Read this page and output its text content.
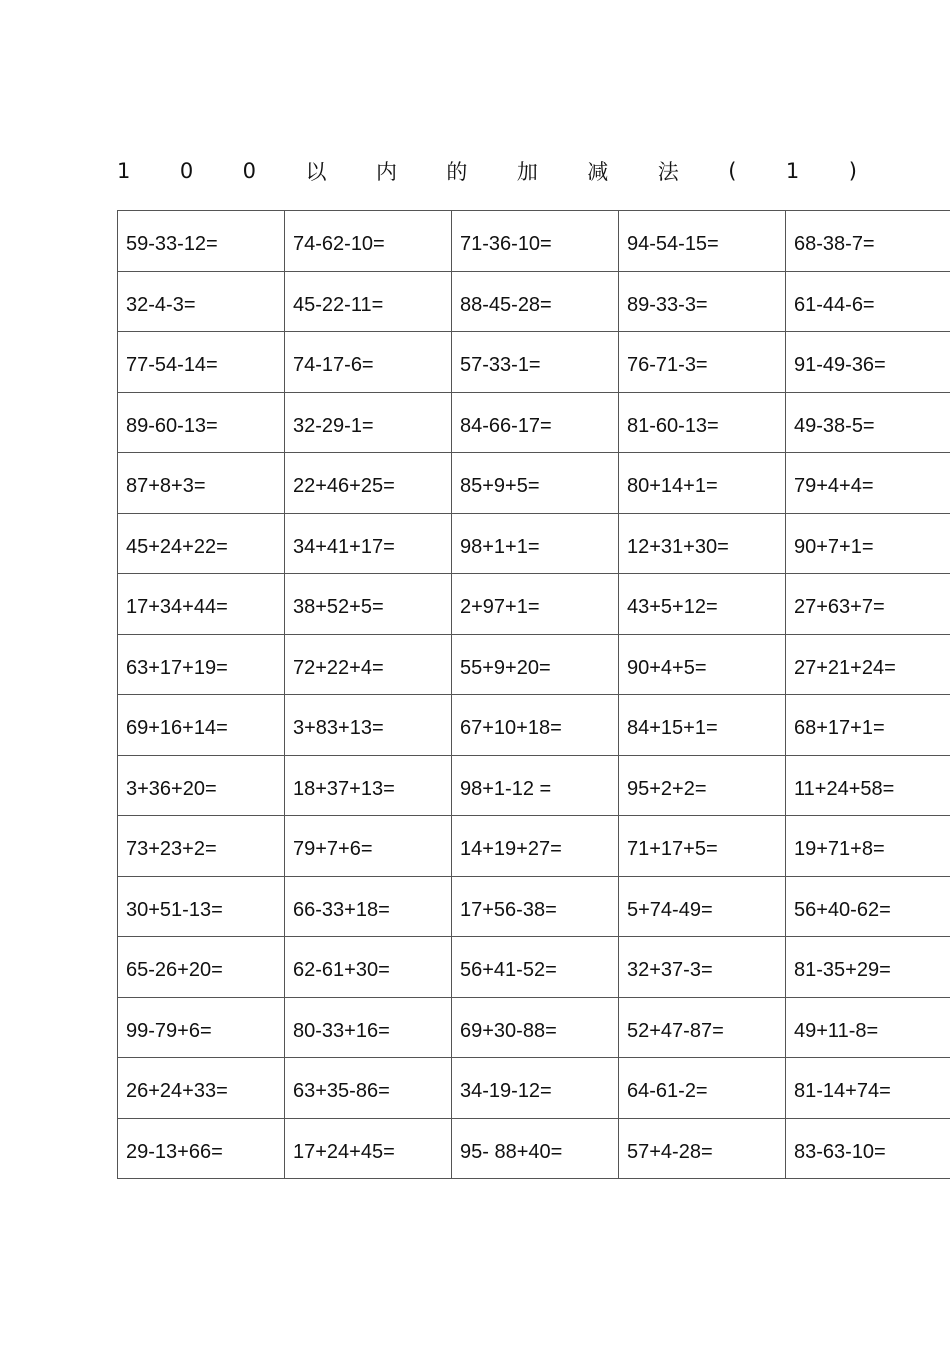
1 0 0 以 内 的 加 减 法 ( 1 )
59-33-12=	74-62-10=	71-36-10=	94-54-15=	68-38-7=
32-4-3=	45-22-11=	88-45-28=	89-33-3=	61-44-6=
77-54-14=	74-17-6=	57-33-1=	76-71-3=	91-49-36=
89-60-13=	32-29-1=	84-66-17=	81-60-13=	49-38-5=
87+8+3=	22+46+25=	85+9+5=	80+14+1=	79+4+4=
45+24+22=	34+41+17=	98+1+1=	12+31+30=	90+7+1=
17+34+44=	38+52+5=	2+97+1=	43+5+12=	27+63+7=
63+17+19=	72+22+4=	55+9+20=	90+4+5=	27+21+24=
69+16+14=	3+83+13=	67+10+18=	84+15+1=	68+17+1=
3+36+20=	18+37+13=	98+1-12 =	95+2+2=	11+24+58=
73+23+2=	79+7+6=	14+19+27=	71+17+5=	19+71+8=
30+51-13=	66-33+18=	17+56-38=	5+74-49=	56+40-62=
65-26+20=	62-61+30=	56+41-52=	32+37-3=	81-35+29=
99-79+6=	80-33+16=	69+30-88=	52+47-87=	49+11-8=
26+24+33=	63+35-86=	34-19-12=	64-61-2=	81-14+74=
29-13+66=	17+24+45=	95- 88+40=	57+4-28=	83-63-10=
